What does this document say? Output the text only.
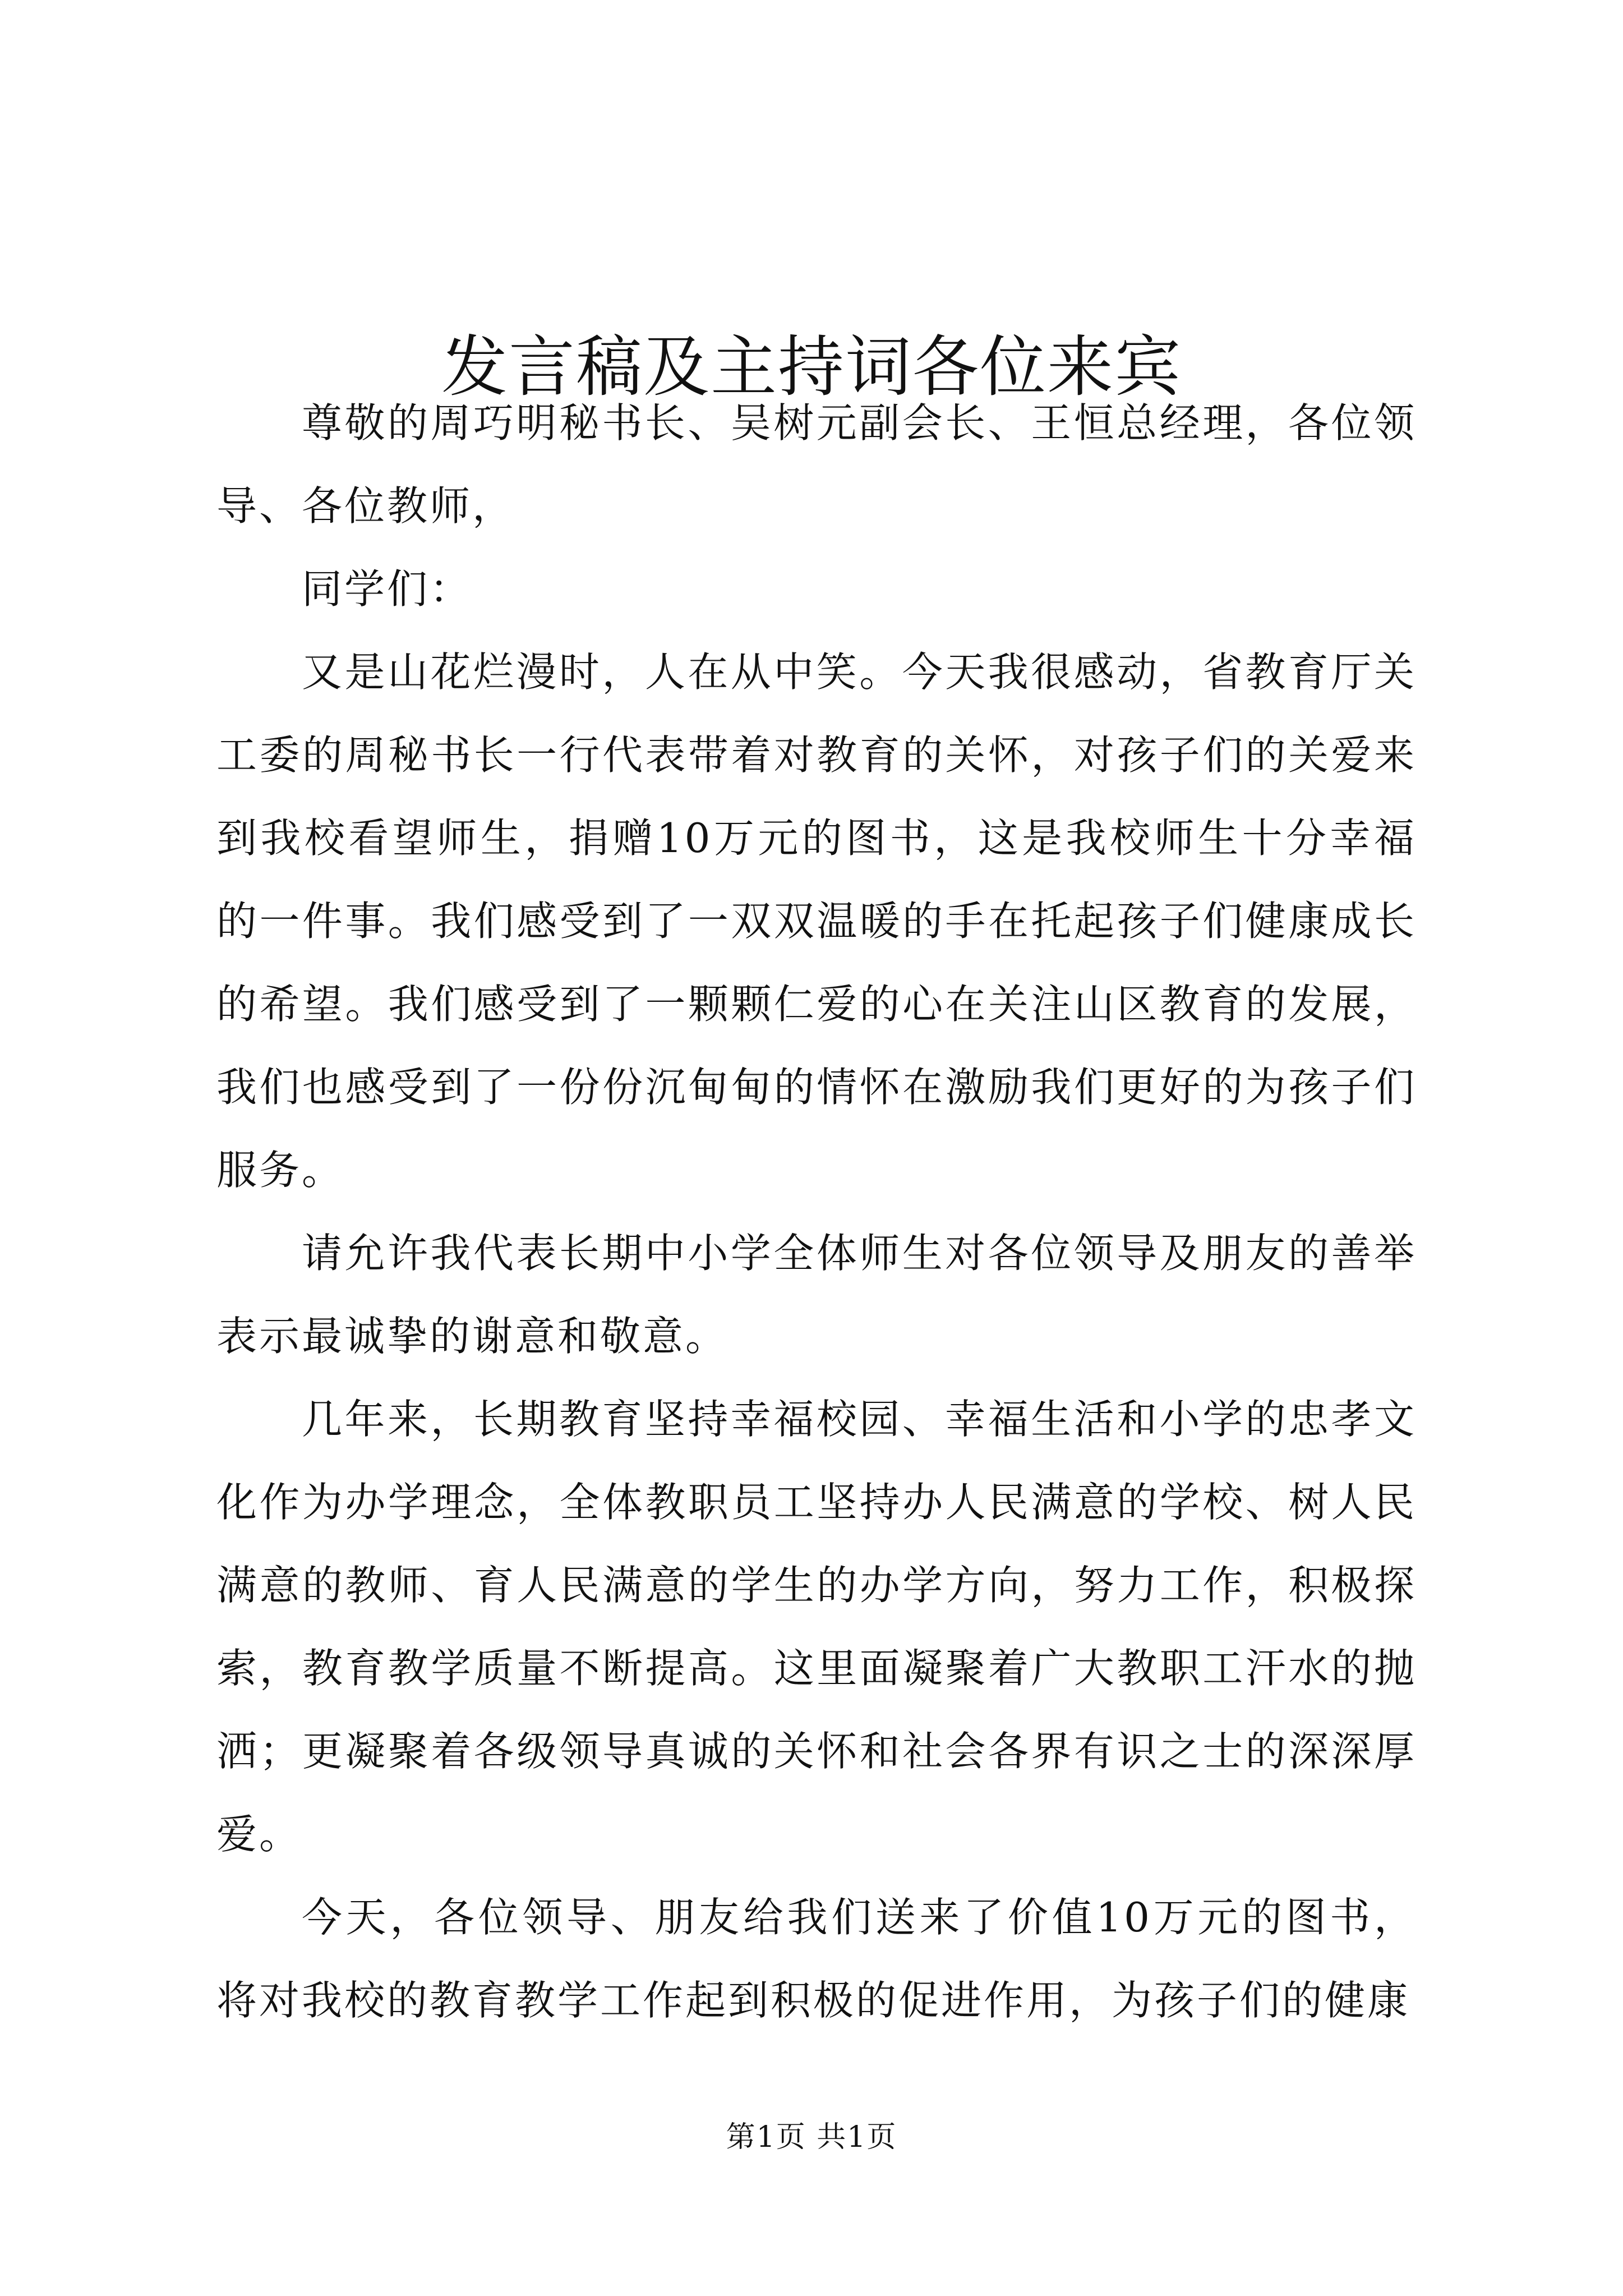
发言稿及主持词各位来宾

尊敬的周巧明秘书长、吴树元副会长、王恒总经理，各位领导、各位教师，

同学们：

又是山花烂漫时，人在从中笑。今天我很感动，省教育厅关工委的周秘书长一行代表带着对教育的关怀，对孩子们的关爱来到我校看望师生，捐赠10万元的图书，这是我校师生十分幸福的一件事。我们感受到了一双双温暖的手在托起孩子们健康成长的希望。我们感受到了一颗颗仁爱的心在关注山区教育的发展，我们也感受到了一份份沉甸甸的情怀在激励我们更好的为孩子们服务。

请允许我代表长期中小学全体师生对各位领导及朋友的善举表示最诚挚的谢意和敬意。

几年来，长期教育坚持幸福校园、幸福生活和小学的忠孝文化作为办学理念，全体教职员工坚持办人民满意的学校、树人民满意的教师、育人民满意的学生的办学方向，努力工作，积极探索，教育教学质量不断提高。这里面凝聚着广大教职工汗水的抛洒；更凝聚着各级领导真诚的关怀和社会各界有识之士的深深厚爱。

今天，各位领导、朋友给我们送来了价值10万元的图书，将对我校的教育教学工作起到积极的促进作用，为孩子们的健康

第1页 共1页
